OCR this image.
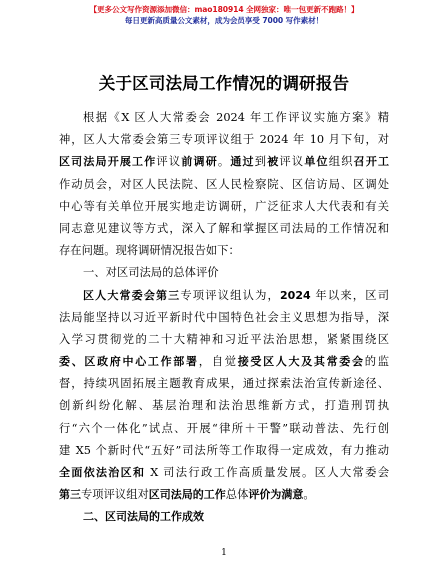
【更多公文写作资源添加微信：mao180914 全网独家：唯一包更新不跑路！】
每日更新高质量公文素材，成为会员享受 7000 写作素材！
关于区司法局工作情况的调研报告
根据《X 区人大常委会 2024 年工作评议实施方案》精
神，区人大常委会第三专项评议组于 2024 年 10 月下旬，对
区司法局开展工作评议前调研。通过到被评议单位组织召开工
作动员会，对区人民法院、区人民检察院、区信访局、区调处
中心等有关单位开展实地走访调研，广泛征求人大代表和有关
同志意见建议等方式，深入了解和掌握区司法局的工作情况和
存在问题。现将调研情况报告如下：
一、对区司法局的总体评价
区人大常委会第三专项评议组认为，2024 年以来，区司
法局能坚持以习近平新时代中国特色社会主义思想为指导，深
入学习贯彻党的二十大精神和习近平法治思想，紧紧围绕区
委、区政府中心工作部署，自觉接受区人大及其常委会的监
督，持续巩固拓展主题教育成果，通过探索法治宣传新途径、
创新纠纷化解、基层治理和法治思维新方式，打造刑罚执
行“六个一体化”试点、开展“律所＋干警”联动普法、先行创
建 X5 个新时代“五好”司法所等工作取得一定成效，有力推动
全面依法治区和 X 司法行政工作高质量发展。区人大常委会
第三专项评议组对区司法局的工作总体评价为满意。
二、区司法局的工作成效
1
